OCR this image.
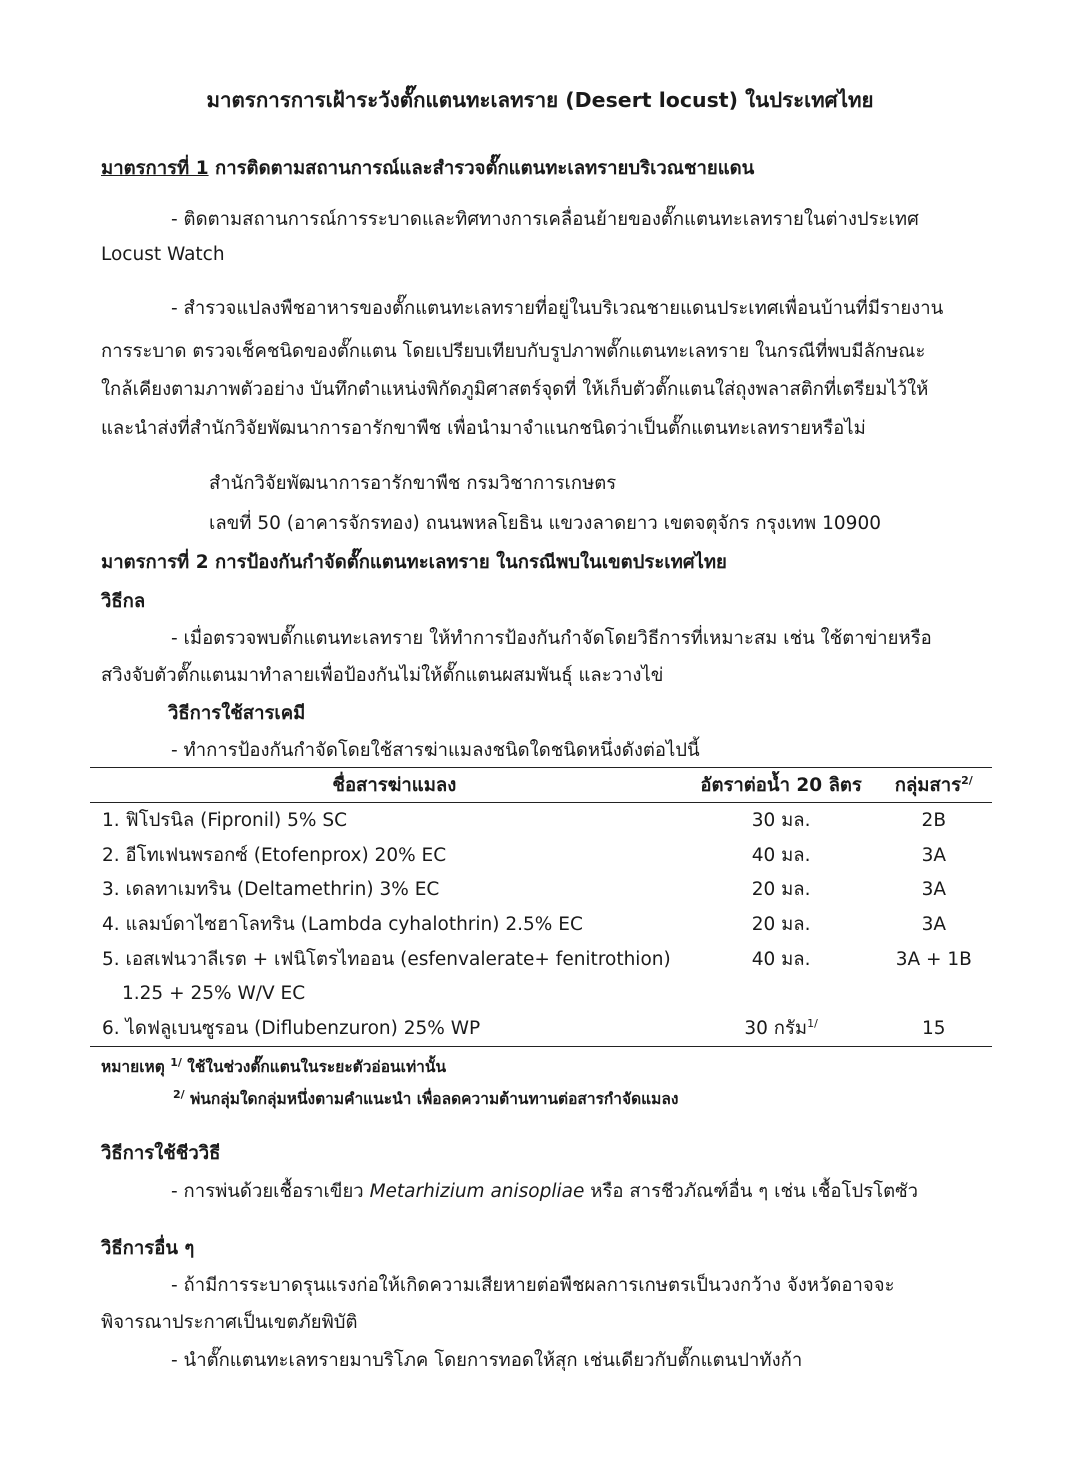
มาตรการการเฝ้าระวังตั๊กแตนทะเลทราย (Desert locust) ในประเทศไทย
มาตรการที่ 1 การติดตามสถานการณ์และสำรวจตั๊กแตนทะเลทรายบริเวณชายแดน
- ติดตามสถานการณ์การระบาดและทิศทางการเคลื่อนย้ายของตั๊กแตนทะเลทรายในต่างประเทศ
Locust Watch
- สำรวจแปลงพืชอาหารของตั๊กแตนทะเลทรายที่อยู่ในบริเวณชายแดนประเทศเพื่อนบ้านที่มีรายงาน
การระบาด ตรวจเช็คชนิดของตั๊กแตน โดยเปรียบเทียบกับรูปภาพตั๊กแตนทะเลทราย ในกรณีที่พบมีลักษณะ
ใกล้เคียงตามภาพตัวอย่าง บันทึกตำแหน่งพิกัดภูมิศาสตร์จุดที่ ให้เก็บตัวตั๊กแตนใส่ถุงพลาสติกที่เตรียมไว้ให้
และนำส่งที่สำนักวิจัยพัฒนาการอารักขาพืช เพื่อนำมาจำแนกชนิดว่าเป็นตั๊กแตนทะเลทรายหรือไม่
สำนักวิจัยพัฒนาการอารักขาพืช กรมวิชาการเกษตร
เลขที่ 50 (อาคารจักรทอง) ถนนพหลโยธิน แขวงลาดยาว เขตจตุจักร กรุงเทพ 10900
มาตรการที่ 2 การป้องกันกำจัดตั๊กแตนทะเลทราย ในกรณีพบในเขตประเทศไทย
วิธีกล
- เมื่อตรวจพบตั๊กแตนทะเลทราย ให้ทำการป้องกันกำจัดโดยวิธีการที่เหมาะสม เช่น ใช้ตาข่ายหรือ
สวิงจับตัวตั๊กแตนมาทำลายเพื่อป้องกันไม่ให้ตั๊กแตนผสมพันธุ์ และวางไข่
วิธีการใช้สารเคมี
- ทำการป้องกันกำจัดโดยใช้สารฆ่าแมลงชนิดใดชนิดหนึ่งดังต่อไปนี้
ชื่อสารฆ่าแมลง	อัตราต่อน้ำ 20 ลิตร	กลุ่มสาร$^{2/}$
1. ฟิโปรนิล (Fipronil) 5% SC	30 มล.	2B
2. อีโทเฟนพรอกซ์ (Etofenprox) 20% EC	40 มล.	3A
3. เดลทาเมทริน (Deltamethrin) 3% EC	20 มล.	3A
4. แลมบ์ดาไซฮาโลทริน (Lambda cyhalothrin) 2.5% EC	20 มล.	3A
5. เอสเฟนวาลีเรต + เฟนิโตรไทออน (esfenvalerate+ fenitrothion)	40 มล.	3A + 1B
1.25 + 25% W/V EC		
6. ไดฟลูเบนซูรอน (Diflubenzuron) 25% WP	30 กรัม$^{1/}$	15
หมายเหตุ $^{1/}$ ใช้ในช่วงตั๊กแตนในระยะตัวอ่อนเท่านั้น
$^{2/}$ พ่นกลุ่มใดกลุ่มหนึ่งตามคำแนะนำ เพื่อลดความต้านทานต่อสารกำจัดแมลง
วิธีการใช้ชีววิธี
- การพ่นด้วยเชื้อราเขียว Metarhizium anisopliae หรือ สารชีวภัณฑ์อื่น ๆ เช่น เชื้อโปรโตซัว
วิธีการอื่น ๆ
- ถ้ามีการระบาดรุนแรงก่อให้เกิดความเสียหายต่อพืชผลการเกษตรเป็นวงกว้าง จังหวัดอาจจะ
พิจารณาประกาศเป็นเขตภัยพิบัติ
- นำตั๊กแตนทะเลทรายมาบริโภค โดยการทอดให้สุก เช่นเดียวกับตั๊กแตนปาทังก้า
